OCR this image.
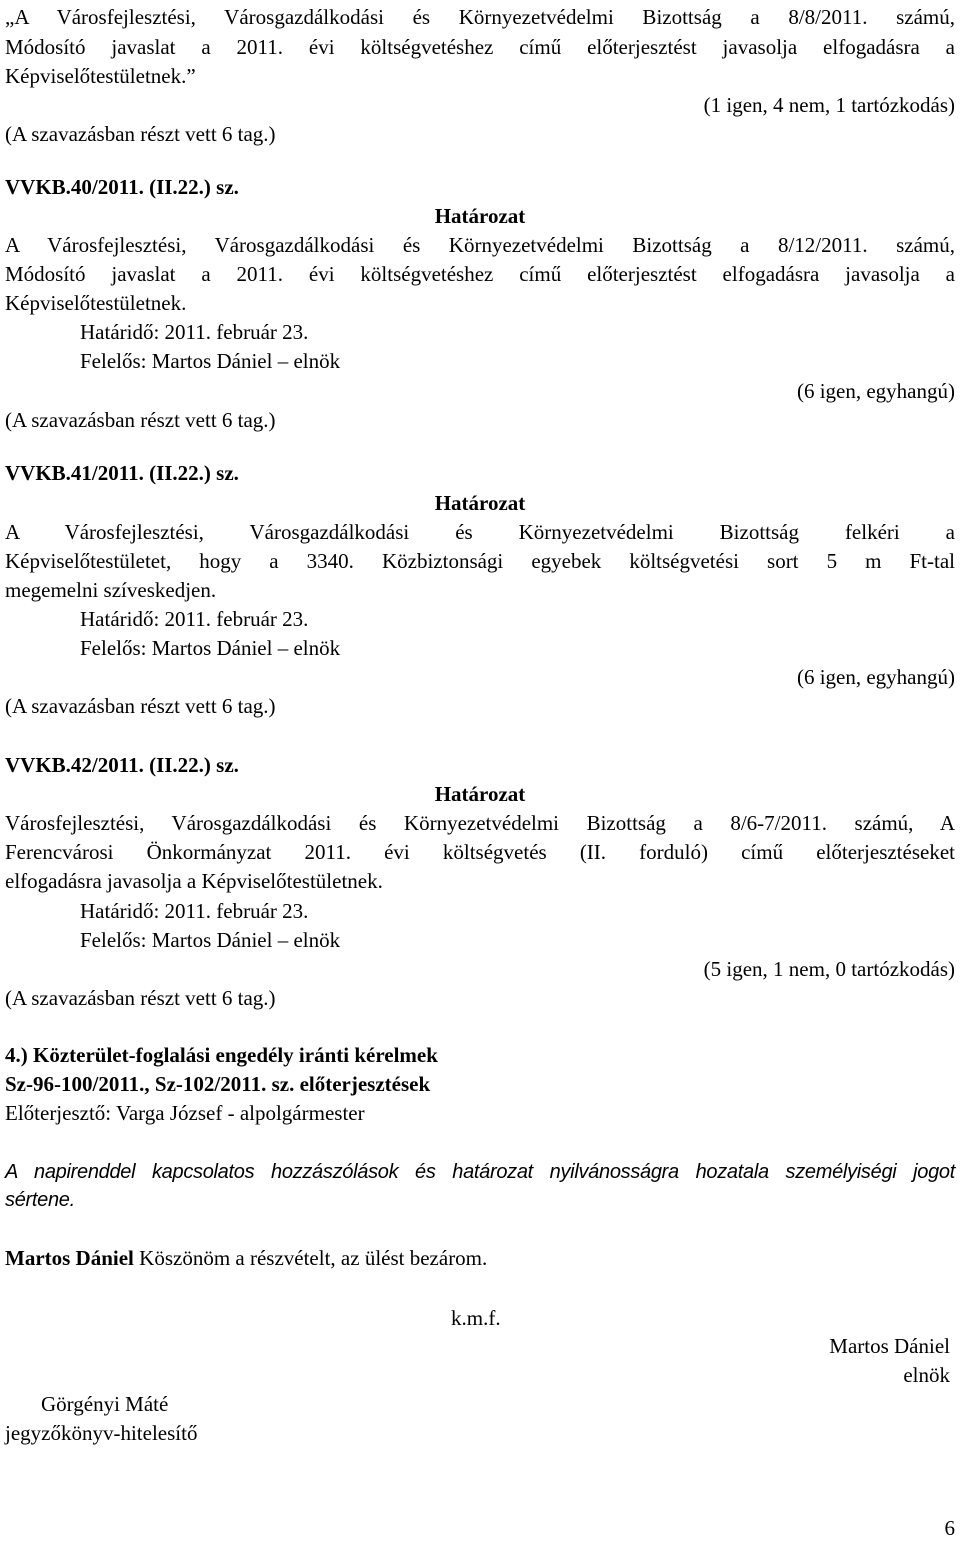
„A Városfejlesztési, Városgazdálkodási és Környezetvédelmi Bizottság a 8/8/2011. számú,
Módosító javaslat a 2011. évi költségvetéshez című előterjesztést javasolja elfogadásra a
Képviselőtestületnek.”
(1 igen, 4 nem, 1 tartózkodás)
(A szavazásban részt vett 6 tag.)
VVKB.40/2011. (II.22.) sz.
Határozat
A Városfejlesztési, Városgazdálkodási és Környezetvédelmi Bizottság a 8/12/2011. számú,
Módosító javaslat a 2011. évi költségvetéshez című előterjesztést elfogadásra javasolja a
Képviselőtestületnek.
Határidő: 2011. február 23.
Felelős: Martos Dániel – elnök
(6 igen, egyhangú)
(A szavazásban részt vett 6 tag.)
VVKB.41/2011. (II.22.) sz.
Határozat
A Városfejlesztési, Városgazdálkodási és Környezetvédelmi Bizottság felkéri a
Képviselőtestületet, hogy a 3340. Közbiztonsági egyebek költségvetési sort 5 m Ft-tal
megemelni szíveskedjen.
Határidő: 2011. február 23.
Felelős: Martos Dániel – elnök
(6 igen, egyhangú)
(A szavazásban részt vett 6 tag.)
VVKB.42/2011. (II.22.) sz.
Határozat
Városfejlesztési, Városgazdálkodási és Környezetvédelmi Bizottság a 8/6-7/2011. számú, A
Ferencvárosi Önkormányzat 2011. évi költségvetés (II. forduló) című előterjesztéseket
elfogadásra javasolja a Képviselőtestületnek.
Határidő: 2011. február 23.
Felelős: Martos Dániel – elnök
(5 igen, 1 nem, 0 tartózkodás)
(A szavazásban részt vett 6 tag.)
4.) Közterület-foglalási engedély iránti kérelmek
Sz-96-100/2011., Sz-102/2011. sz. előterjesztések
Előterjesztő: Varga József - alpolgármester
A napirenddel kapcsolatos hozzászólások és határozat nyilvánosságra hozatala személyiségi jogot
sértene.
Martos Dániel Köszönöm a részvételt, az ülést bezárom.
k.m.f.
Martos Dániel
elnök
Görgényi Máté
jegyzőkönyv-hitelesítő
6
